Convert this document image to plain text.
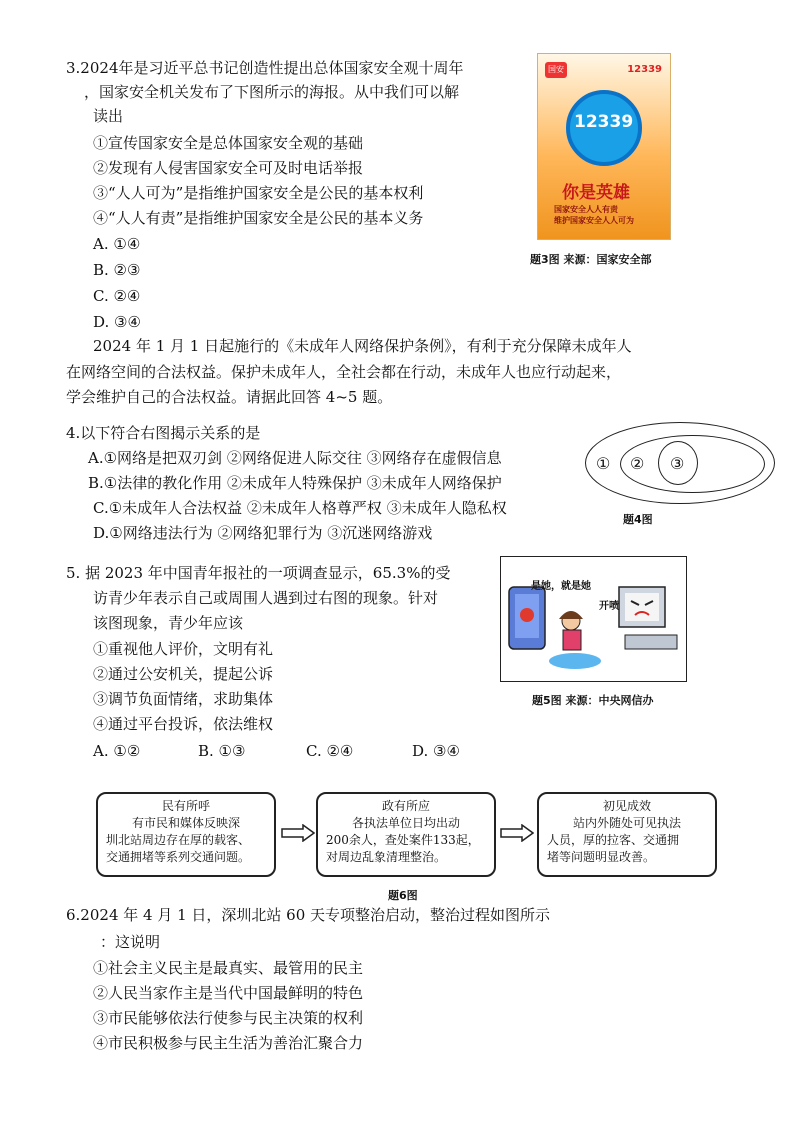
3.2024年是习近平总书记创造性提出总体国家安全观十周年
，国家安全机关发布了下图所示的海报。从中我们可以解
读出
①宣传国家安全是总体国家安全观的基础
②发现有人侵害国家安全可及时电话举报
③“人人可为”是指维护国家安全是公民的基本权利
④“人人有责”是指维护国家安全是公民的基本义务
A. ①④
B. ②③
C. ②④
D. ③④
国安	12339
12339
你是英雄
国家安全人人有责
维护国家安全人人可为
题3图 来源：国家安全部
2024 年 1 月 1 日起施行的《未成年人网络保护条例》，有利于充分保障未成年人
在网络空间的合法权益。保护未成年人，全社会都在行动，未成年人也应行动起来，
学会维护自己的合法权益。请据此回答 4~5 题。
4.以下符合右图揭示关系的是
A.①网络是把双刃剑 ②网络促进人际交往 ③网络存在虚假信息
B.①法律的教化作用 ②未成年人特殊保护 ③未成年人网络保护
C.①未成年人合法权益 ②未成年人格尊严权 ③未成年人隐私权
D.①网络违法行为 ②网络犯罪行为 ③沉迷网络游戏
① ② ③
题4图
5. 据 2023 年中国青年报社的一项调查显示，65.3%的受
访青少年表示自己或周围人遇到过右图的现象。针对
该图现象，青少年应该
①重视他人评价，文明有礼
②通过公安机关，提起公诉
③调节负面情绪，求助集体
④通过平台投诉，依法维权
A. ①②	B. ①③	C. ②④	D. ③④
是她，就是她
开喷
题5图 来源：中央网信办
民有所呼
有市民和媒体反映深
圳北站周边存在厚的载客、
交通拥堵等系列交通问题。
政有所应
各执法单位日均出动
200余人，查处案件133起，
对周边乱象清理整治。
初见成效
站内外随处可见执法
人员，厚的拉客、交通拥
堵等问题明显改善。
题6图
6.2024 年 4 月 1 日，深圳北站 60 天专项整治启动，整治过程如图所示
：这说明
①社会主义民主是最真实、最管用的民主
②人民当家作主是当代中国最鲜明的特色
③市民能够依法行使参与民主决策的权利
④市民积极参与民主生活为善治汇聚合力
